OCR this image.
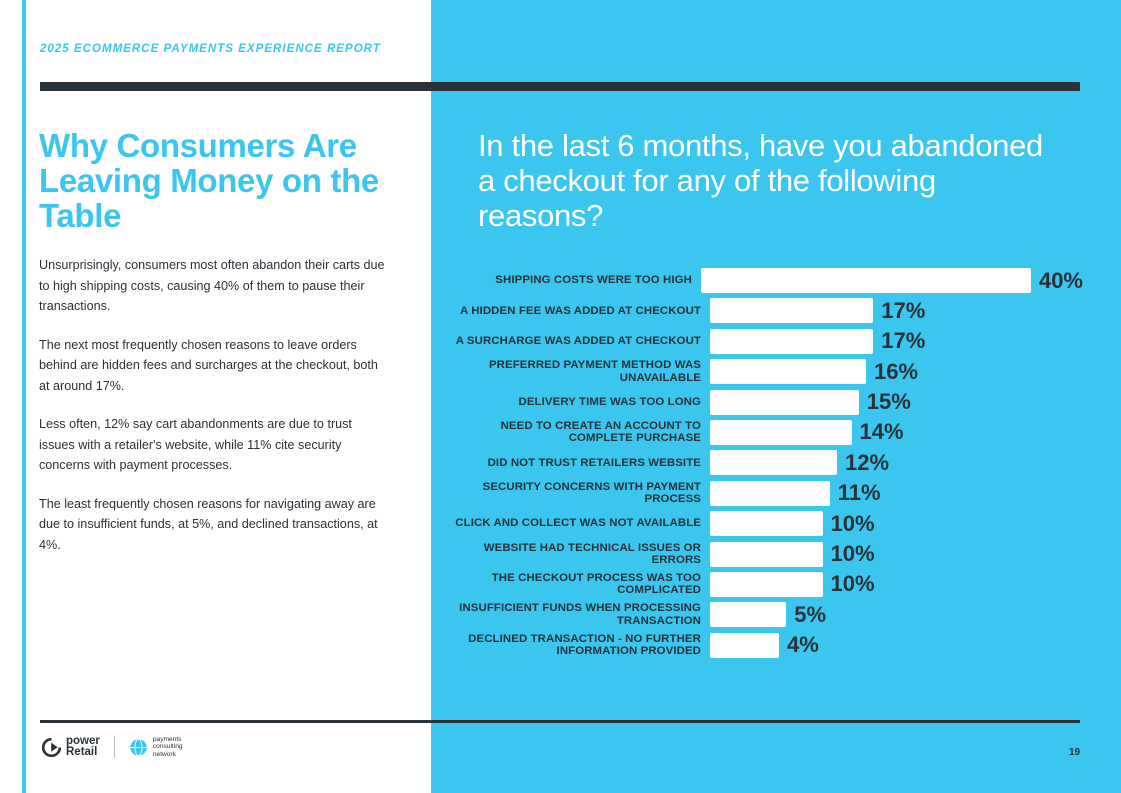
2025 ECOMMERCE PAYMENTS EXPERIENCE REPORT
Why Consumers Are Leaving Money on the Table

Unsurprisingly, consumers most often abandon their carts due to high shipping costs, causing 40% of them to pause their transactions.

The next most frequently chosen reasons to leave orders behind are hidden fees and surcharges at the checkout, both at around 17%.

Less often, 12% say cart abandonments are due to trust issues with a retailer's website, while 11% cite security concerns with payment processes.

The least frequently chosen reasons for navigating away are due to insufficient funds, at 5%, and declined transactions, at 4%.

In the last 6 months, have you abandoned a checkout for any of the following reasons?
SHIPPING COSTS WERE TOO HIGH	40%
A HIDDEN FEE WAS ADDED AT CHECKOUT	17%
A SURCHARGE WAS ADDED AT CHECKOUT	17%
PREFERRED PAYMENT METHOD WAS UNAVAILABLE	16%
DELIVERY TIME WAS TOO LONG	15%
NEED TO CREATE AN ACCOUNT TO COMPLETE PURCHASE	14%
DID NOT TRUST RETAILERS WEBSITE	12%
SECURITY CONCERNS WITH PAYMENT PROCESS	11%
CLICK AND COLLECT WAS NOT AVAILABLE	10%
WEBSITE HAD TECHNICAL ISSUES OR ERRORS	10%
THE CHECKOUT PROCESS WAS TOO COMPLICATED	10%
INSUFFICIENT FUNDS WHEN PROCESSING TRANSACTION	5%
DECLINED TRANSACTION - NO FURTHER INFORMATION PROVIDED	4%
power
Retail
payments
consulting
network	19
